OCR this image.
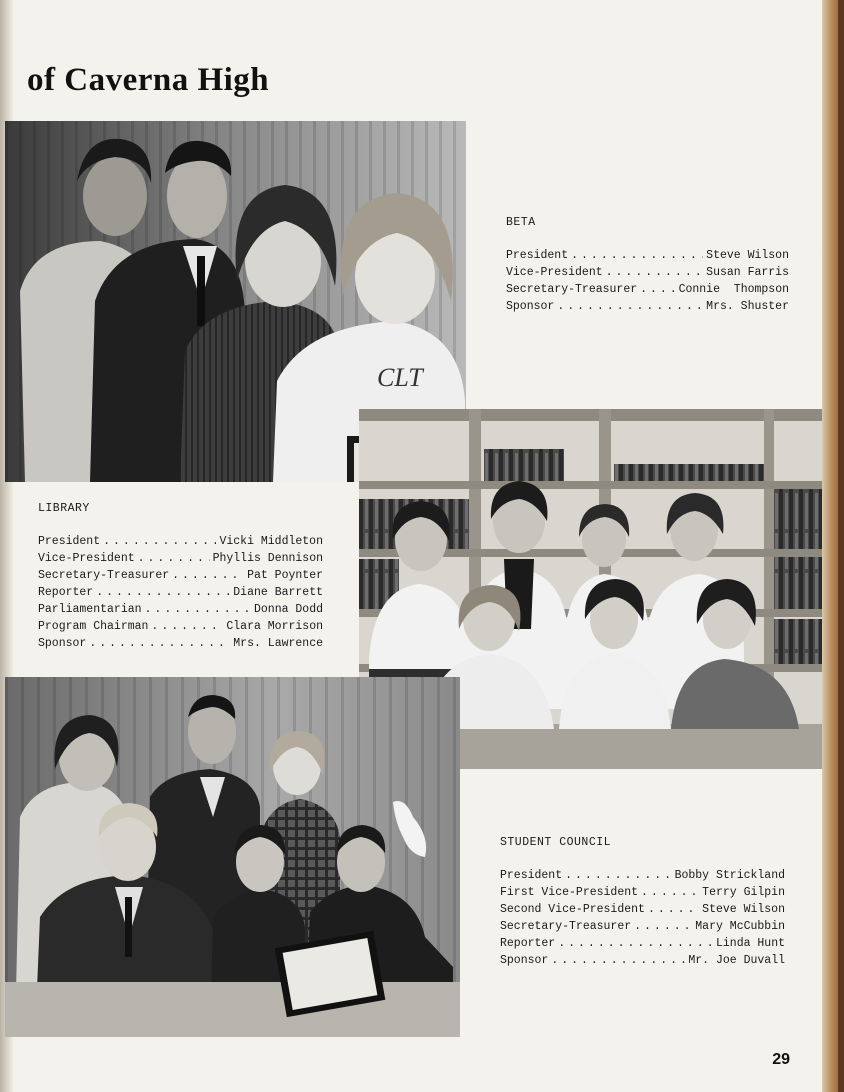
of Caverna High
CLT
BETA
President .....	Steve Wilson
Vice-President .....	Susan Farris
Secretary-Treasurer .....	Connie  Thompson
Sponsor .....	Mrs. Shuster
LIBRARY
President .....	Vicki Middleton
Vice-President .....	Phyllis Dennison
Secretary-Treasurer .....	Pat Poynter
Reporter .....	Diane Barrett
Parliamentarian .....	Donna Dodd
Program Chairman .....	Clara Morrison
Sponsor .....	Mrs. Lawrence
STUDENT COUNCIL
President .....	Bobby Strickland
First Vice-President .....	Terry Gilpin
Second Vice-President .....	Steve Wilson
Secretary-Treasurer .....	Mary McCubbin
Reporter .....	Linda Hunt
Sponsor .....	Mr. Joe Duvall
29
